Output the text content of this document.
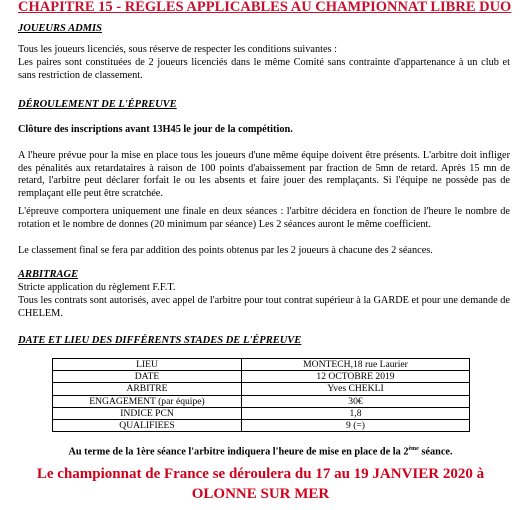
CHAPITRE 15 - RÈGLES APPLICABLES AU CHAMPIONNAT LIBRE DUO
JOUEURS ADMIS
Tous les joueurs licenciés, sous réserve de respecter les conditions suivantes :
Les paires sont constituées de 2 joueurs licenciés dans le même Comité sans contrainte d'appartenance à un club et sans restriction de classement.
DÉROULEMENT DE L'ÉPREUVE
Clôture des inscriptions avant 13H45 le jour de la compétition.
A l'heure prévue pour la mise en place tous les joueurs d'une même équipe doivent être présents. L'arbitre doit infliger des pénalités aux retardataires à raison de 100 points d'abaissement par fraction de 5mn de retard. Après 15 mn de retard, l'arbitre peut déclarer forfait le ou les absents et faire jouer des remplaçants. Si l'équipe ne possède pas de remplaçant elle peut être scratchée.
L'épreuve comportera uniquement une finale en deux séances : l'arbitre décidera en fonction de l'heure le nombre de rotation et le nombre de donnes (20 minimum par séance) Les 2 séances auront le même coefficient.
Le classement final se fera par addition des points obtenus par les 2 joueurs à chacune des 2 séances.
ARBITRAGE
Stricte application du règlement F.F.T.
Tous les contrats sont autorisés, avec appel de l'arbitre pour tout contrat supérieur à la GARDE et pour une demande de CHELEM.
DATE ET LIEU DES DIFFÉRENTS STADES DE L'ÉPREUVE
LIEU	MONTECH,18 rue Laurier
DATE	12 OCTOBRE 2019
ARBITRE	Yves CHEKLI
ENGAGEMENT (par équipe)	30€
INDICE PCN	1,8
QUALIFIEES	9 (=)
Au terme de la 1ère séance l'arbitre indiquera l'heure de mise en place de la 2ème séance.
Le championnat de France se déroulera du 17 au 19 JANVIER 2020 à
OLONNE SUR MER
